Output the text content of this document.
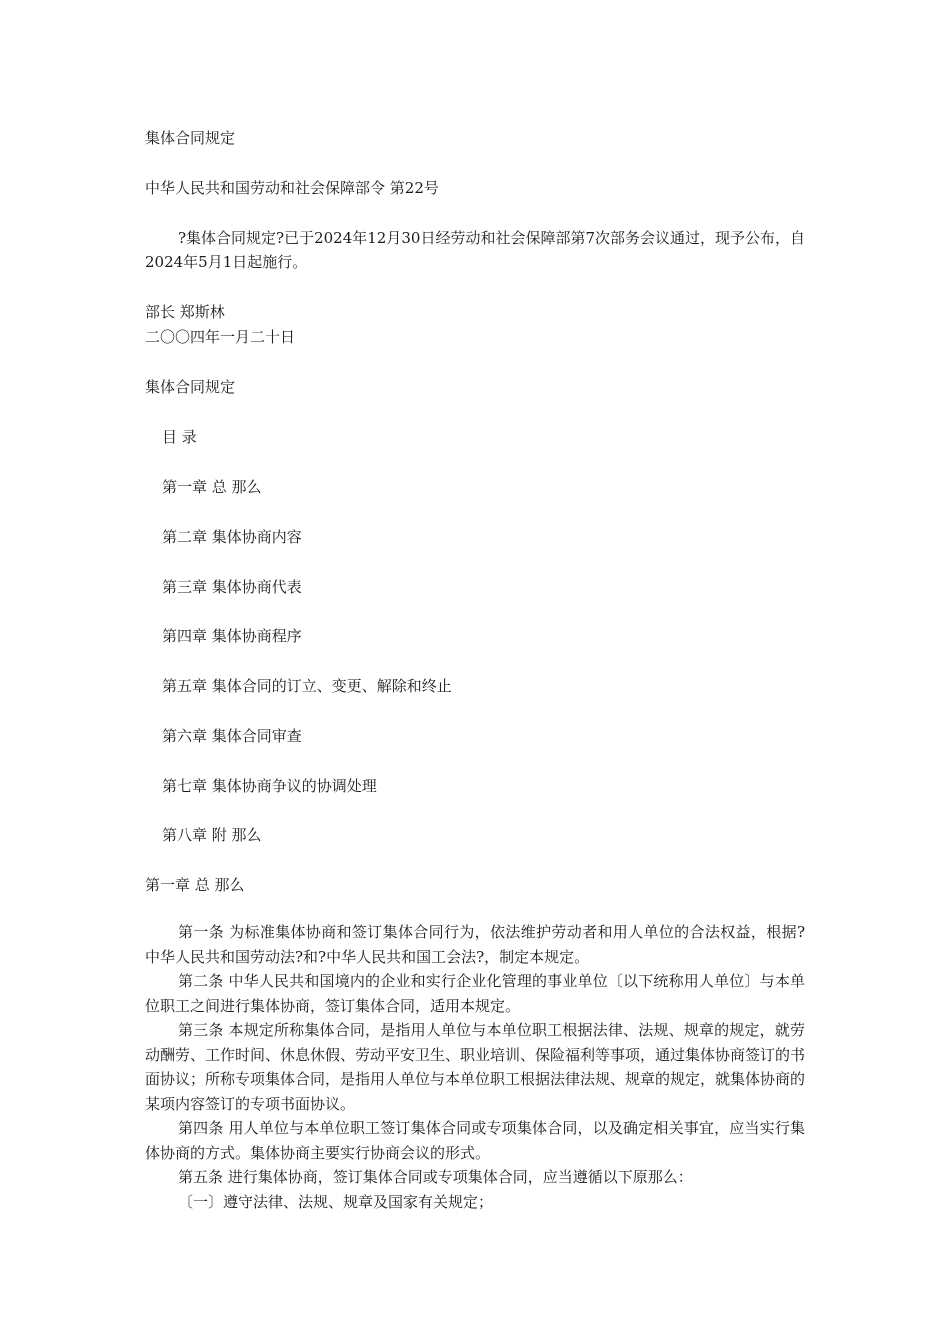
集体合同规定
中华人民共和国劳动和社会保障部令 第22号
?集体合同规定?已于2024年12月30日经劳动和社会保障部第7次部务会议通过，现予公布，自2024年5月1日起施行。
部长 郑斯林
二〇〇四年一月二十日
集体合同规定
目 录
第一章 总 那么
第二章 集体协商内容
第三章 集体协商代表
第四章 集体协商程序
第五章 集体合同的订立、变更、解除和终止
第六章 集体合同审查
第七章 集体协商争议的协调处理
第八章 附 那么
第一章 总 那么

第一条 为标准集体协商和签订集体合同行为，依法维护劳动者和用人单位的合法权益，根据?中华人民共和国劳动法?和?中华人民共和国工会法?，制定本规定。

第二条 中华人民共和国境内的企业和实行企业化管理的事业单位〔以下统称用人单位〕与本单位职工之间进行集体协商，签订集体合同，适用本规定。

第三条 本规定所称集体合同，是指用人单位与本单位职工根据法律、法规、规章的规定，就劳动酬劳、工作时间、休息休假、劳动平安卫生、职业培训、保险福利等事项，通过集体协商签订的书面协议；所称专项集体合同，是指用人单位与本单位职工根据法律法规、规章的规定，就集体协商的某项内容签订的专项书面协议。

第四条 用人单位与本单位职工签订集体合同或专项集体合同，以及确定相关事宜，应当实行集体协商的方式。集体协商主要实行协商会议的形式。

第五条 进行集体协商，签订集体合同或专项集体合同，应当遵循以下原那么：

〔一〕遵守法律、法规、规章及国家有关规定；
